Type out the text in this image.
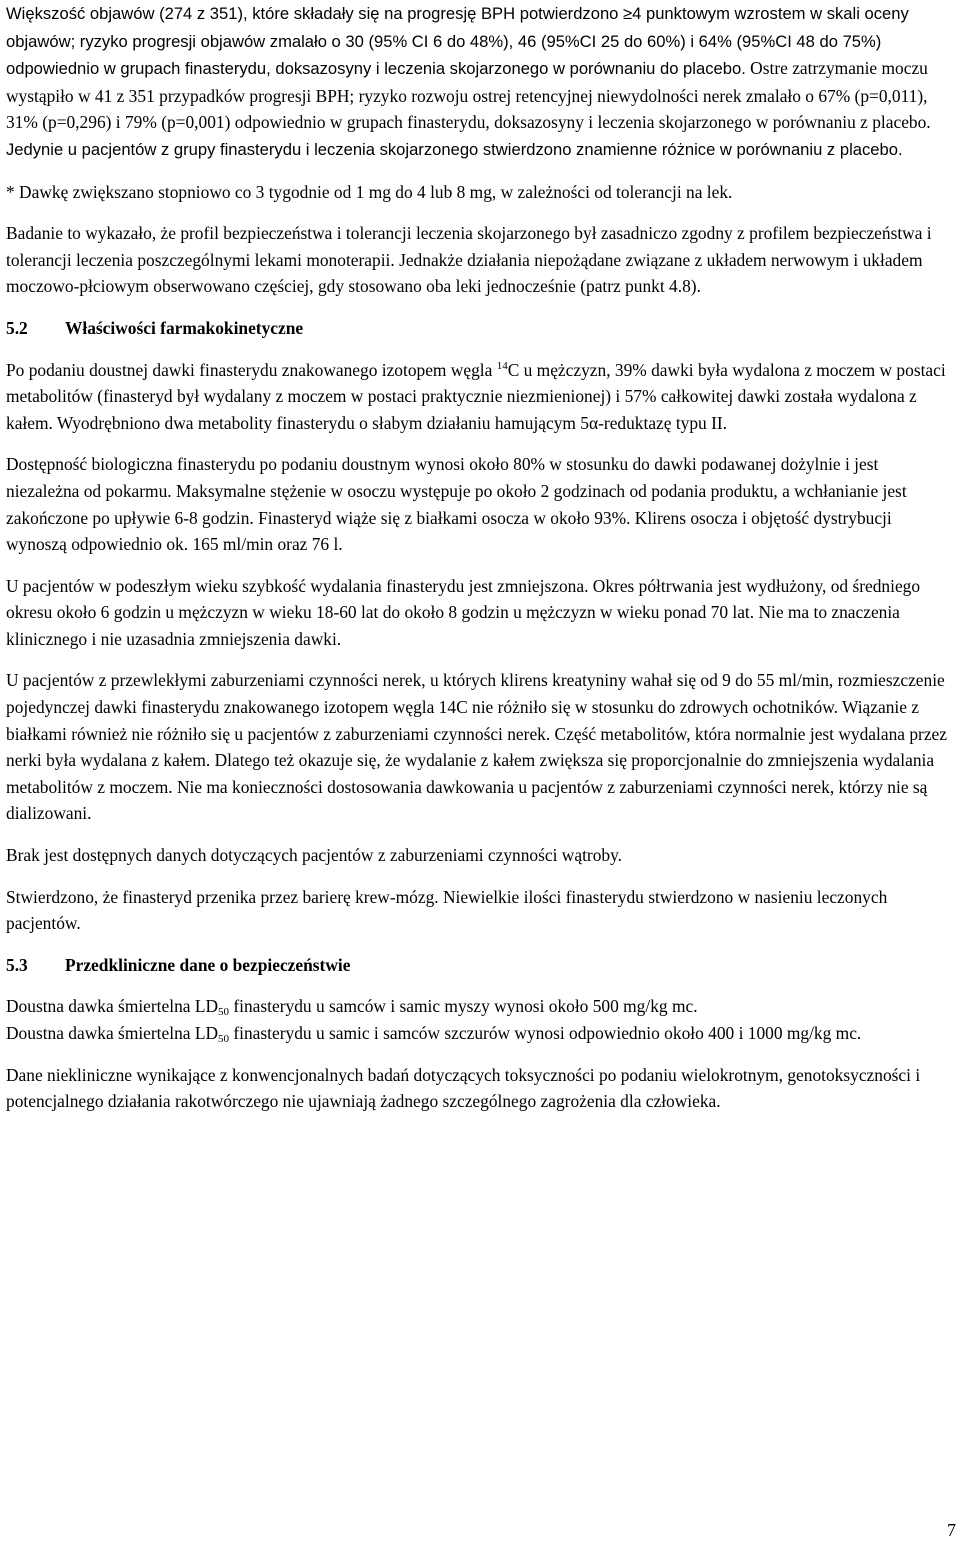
Większość objawów (274 z 351), które składały się na progresję BPH potwierdzono ≥4 punktowym wzrostem w skali oceny objawów; ryzyko progresji objawów zmalało o 30 (95% CI 6 do 48%), 46 (95%CI 25 do 60%) i 64% (95%CI 48 do 75%) odpowiednio w grupach finasterydu, doksazosyny i leczenia skojarzonego w porównaniu do placebo. Ostre zatrzymanie moczu wystąpiło w 41 z 351 przypadków progresji BPH; ryzyko rozwoju ostrej retencyjnej niewydolności nerek zmalało o 67% (p=0,011), 31% (p=0,296) i 79% (p=0,001) odpowiednio w grupach finasterydu, doksazosyny i leczenia skojarzonego w porównaniu z placebo. Jedynie u pacjentów z grupy finasterydu i leczenia skojarzonego stwierdzono znamienne różnice w porównaniu z placebo.

* Dawkę zwiększano stopniowo co 3 tygodnie od 1 mg do 4 lub 8 mg, w zależności od tolerancji na lek.

Badanie to wykazało, że profil bezpieczeństwa i tolerancji leczenia skojarzonego był zasadniczo zgodny z profilem bezpieczeństwa i tolerancji leczenia poszczególnymi lekami monoterapii. Jednakże działania niepożądane związane z układem nerwowym i układem moczowo-płciowym obserwowano częściej, gdy stosowano oba leki jednocześnie (patrz punkt 4.8).

5.2 Właściwości farmakokinetyczne

Po podaniu doustnej dawki finasterydu znakowanego izotopem węgla $^{14}$C u mężczyzn, 39% dawki była wydalona z moczem w postaci metabolitów (finasteryd był wydalany z moczem w postaci praktycznie niezmienionej) i 57% całkowitej dawki została wydalona z kałem. Wyodrębniono dwa metabolity finasterydu o słabym działaniu hamującym 5α-reduktazę typu II.

Dostępność biologiczna finasterydu po podaniu doustnym wynosi około 80% w stosunku do dawki podawanej dożylnie i jest niezależna od pokarmu. Maksymalne stężenie w osoczu występuje po około 2 godzinach od podania produktu, a wchłanianie jest zakończone po upływie 6-8 godzin. Finasteryd wiąże się z białkami osocza w około 93%. Klirens osocza i objętość dystrybucji wynoszą odpowiednio ok. 165 ml/min oraz 76 l.

U pacjentów w podeszłym wieku szybkość wydalania finasterydu jest zmniejszona. Okres półtrwania jest wydłużony, od średniego okresu około 6 godzin u mężczyzn w wieku 18-60 lat do około 8 godzin u mężczyzn w wieku ponad 70 lat. Nie ma to znaczenia klinicznego i nie uzasadnia zmniejszenia dawki.

U pacjentów z przewlekłymi zaburzeniami czynności nerek, u których klirens kreatyniny wahał się od 9 do 55 ml/min, rozmieszczenie pojedynczej dawki finasterydu znakowanego izotopem węgla 14C nie różniło się w stosunku do zdrowych ochotników. Wiązanie z białkami również nie różniło się u pacjentów z zaburzeniami czynności nerek. Część metabolitów, która normalnie jest wydalana przez nerki była wydalana z kałem. Dlatego też okazuje się, że wydalanie z kałem zwiększa się proporcjonalnie do zmniejszenia wydalania metabolitów z moczem. Nie ma konieczności dostosowania dawkowania u pacjentów z zaburzeniami czynności nerek, którzy nie są dializowani.

Brak jest dostępnych danych dotyczących pacjentów z zaburzeniami czynności wątroby.

Stwierdzono, że finasteryd przenika przez barierę krew-mózg. Niewielkie ilości finasterydu stwierdzono w nasieniu leczonych pacjentów.

5.3 Przedkliniczne dane o bezpieczeństwie

Doustna dawka śmiertelna $LD_{50}$ finasterydu u samców i samic myszy wynosi około 500 mg/kg mc.
Doustna dawka śmiertelna $LD_{50}$ finasterydu u samic i samców szczurów wynosi odpowiednio około 400 i 1000 mg/kg mc.

Dane niekliniczne wynikające z konwencjonalnych badań dotyczących toksyczności po podaniu wielokrotnym, genotoksyczności i potencjalnego działania rakotwórczego nie ujawniają żadnego szczególnego zagrożenia dla człowieka.

7
